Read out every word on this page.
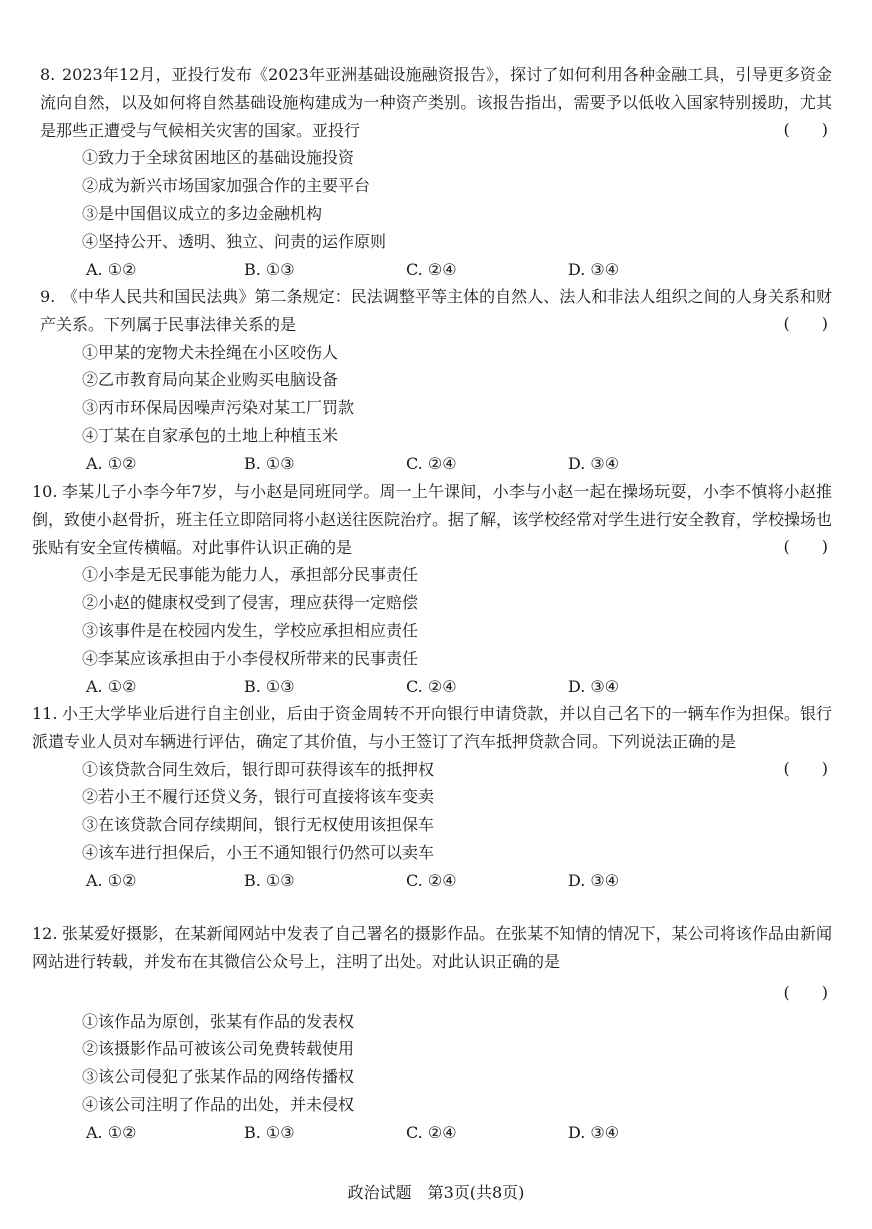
8. 2023年12月，亚投行发布《2023年亚洲基础设施融资报告》，探讨了如何利用各种金融工具，引导更多资金流向自然，以及如何将自然基础设施构建成为一种资产类别。该报告指出，需要予以低收入国家特别援助，尤其是那些正遭受与气候相关灾害的国家。亚投行	(　　)

①致力于全球贫困地区的基础设施投资

②成为新兴市场国家加强合作的主要平台

③是中国倡议成立的多边金融机构

④坚持公开、透明、独立、问责的运作原则

A. ①②	B. ①③	C. ②④	D. ③④
9. 《中华人民共和国民法典》第二条规定：民法调整平等主体的自然人、法人和非法人组织之间的人身关系和财产关系。下列属于民事法律关系的是	(　　)

①甲某的宠物犬未拴绳在小区咬伤人

②乙市教育局向某企业购买电脑设备

③丙市环保局因噪声污染对某工厂罚款

④丁某在自家承包的土地上种植玉米

A. ①②	B. ①③	C. ②④	D. ③④
10. 李某儿子小李今年7岁，与小赵是同班同学。周一上午课间，小李与小赵一起在操场玩耍，小李不慎将小赵推倒，致使小赵骨折，班主任立即陪同将小赵送往医院治疗。据了解，该学校经常对学生进行安全教育，学校操场也张贴有安全宣传横幅。对此事件认识正确的是	(　　)

①小李是无民事能为能力人，承担部分民事责任

②小赵的健康权受到了侵害，理应获得一定赔偿

③该事件是在校园内发生，学校应承担相应责任

④李某应该承担由于小李侵权所带来的民事责任

A. ①②	B. ①③	C. ②④	D. ③④
11. 小王大学毕业后进行自主创业，后由于资金周转不开向银行申请贷款，并以自己名下的一辆车作为担保。银行派遣专业人员对车辆进行评估，确定了其价值，与小王签订了汽车抵押贷款合同。下列说法正确的是

(　　)

①该贷款合同生效后，银行即可获得该车的抵押权

②若小王不履行还贷义务，银行可直接将该车变卖

③在该贷款合同存续期间，银行无权使用该担保车

④该车进行担保后，小王不通知银行仍然可以卖车

A. ①②	B. ①③	C. ②④	D. ③④
12. 张某爱好摄影，在某新闻网站中发表了自己署名的摄影作品。在张某不知情的情况下，某公司将该作品由新闻网站进行转载，并发布在其微信公众号上，注明了出处。对此认识正确的是

(　　)

①该作品为原创，张某有作品的发表权

②该摄影作品可被该公司免费转载使用

③该公司侵犯了张某作品的网络传播权

④该公司注明了作品的出处，并未侵权

A. ①②	B. ①③	C. ②④	D. ③④
政治试题　第3页(共8页)
